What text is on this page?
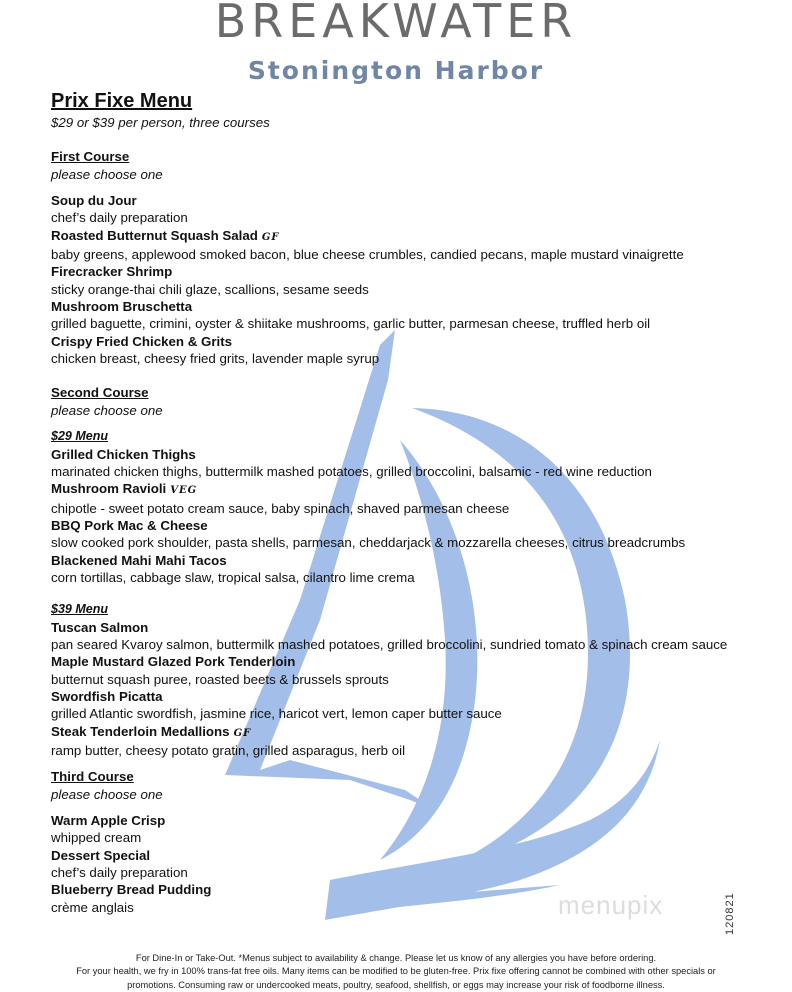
BREAKWATER
Stonington Harbor
Prix Fixe Menu
$29 or $39 per person, three courses
First Course
please choose one
Soup du Jour
chef’s daily preparation
Roasted Butternut Squash Salad GF
baby greens, applewood smoked bacon, blue cheese crumbles, candied pecans, maple mustard vinaigrette
Firecracker Shrimp
sticky orange-thai chili glaze, scallions, sesame seeds
Mushroom Bruschetta
grilled baguette, crimini, oyster & shiitake mushrooms, garlic butter, parmesan cheese, truffled herb oil
Crispy Fried Chicken & Grits
chicken breast, cheesy fried grits, lavender maple syrup
Second Course
please choose one
$29 Menu
Grilled Chicken Thighs
marinated chicken thighs, buttermilk mashed potatoes, grilled broccolini, balsamic - red wine reduction
Mushroom Ravioli VEG
chipotle - sweet potato cream sauce, baby spinach, shaved parmesan cheese
BBQ Pork Mac & Cheese
slow cooked pork shoulder, pasta shells, parmesan, cheddarjack & mozzarella cheeses, citrus breadcrumbs
Blackened Mahi Mahi Tacos
corn tortillas, cabbage slaw, tropical salsa, cilantro lime crema
$39 Menu
Tuscan Salmon
pan seared Kvaroy salmon, buttermilk mashed potatoes, grilled broccolini, sundried tomato & spinach cream sauce
Maple Mustard Glazed Pork Tenderloin
butternut squash puree, roasted beets & brussels sprouts
Swordfish Picatta
grilled Atlantic swordfish, jasmine rice, haricot vert, lemon caper butter sauce
Steak Tenderloin Medallions GF
ramp butter, cheesy potato gratin, grilled asparagus, herb oil
Third Course
please choose one
Warm Apple Crisp
whipped cream
Dessert Special
chef’s daily preparation
Blueberry Bread Pudding
crème anglais	menupix	120821
For Dine-In or Take-Out. *Menus subject to availability & change. Please let us know of any allergies you have before ordering.
For your health, we fry in 100% trans-fat free oils. Many items can be modified to be gluten-free. Prix fixe offering cannot be combined with other specials or
promotions. Consuming raw or undercooked meats, poultry, seafood, shellfish, or eggs may increase your risk of foodborne illness.
